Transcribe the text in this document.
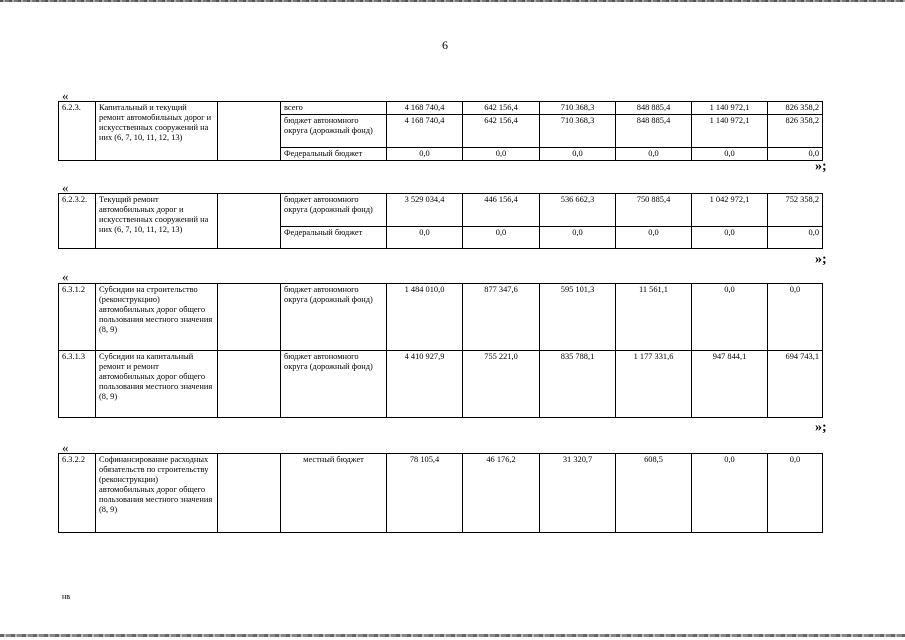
6
«
6.2.3.	Капитальный и текущий ремонт автомобильных дорог и искусственных сооружений на них (6, 7, 10, 11, 12, 13)		всего	4 168 740,4	642 156,4	710 368,3	848 885,4	1 140 972,1	826 358,2
			бюджет автономного округа (дорожный фонд)	4 168 740,4	642 156,4	710 368,3	848 885,4	1 140 972,1	826 358,2
			Федеральный бюджет	0,0	0,0	0,0	0,0	0,0	0,0
»;
«
6.2.3.2.	Текущий ремонт автомобильных дорог и искусственных сооружений на них (6, 7, 10, 11, 12, 13)		бюджет автономного округа (дорожный фонд)	3 529 034,4	446 156,4	536 662,3	750 885,4	1 042 972,1	752 358,2
			Федеральный бюджет	0,0	0,0	0,0	0,0	0,0	0,0
»;
«
6.3.1.2	Субсидии на строительство (реконструкцию) автомобильных дорог общего пользования местного значения (8, 9)		бюджет автономного округа (дорожный фонд)	1 484 010,0	877 347,6	595 101,3	11 561,1	0,0	0,0
6.3.1.3	Субсидии на капитальный ремонт и ремонт автомобильных дорог общего пользования местного значения (8, 9)		бюджет автономного округа (дорожный фонд)	4 410 927,9	755 221,0	835 788,1	1 177 331,6	947 844,1	694 743,1
»;
«
6.3.2.2	Софинансирование расходных обязательств по строительству (реконструкции) автомобильных дорог общего пользования местного значения (8, 9)		местный бюджет	78 105,4	46 176,2	31 320,7	608,5	0,0	0,0
нв
